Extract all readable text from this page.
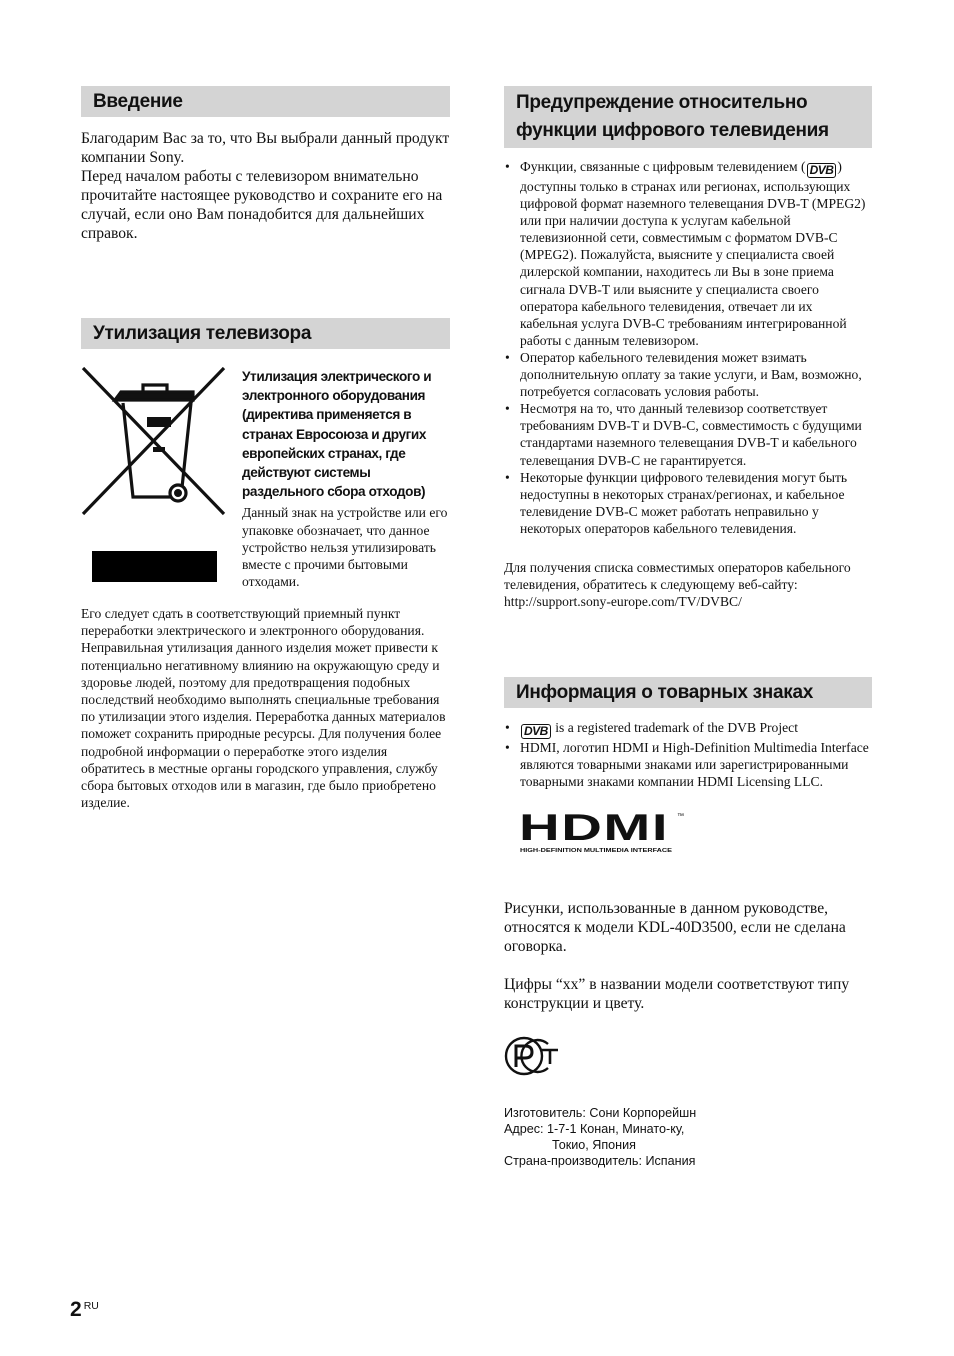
Введение

Благодарим Вас за то, что Вы выбрали данный продукт компании Sony.

Перед началом работы с телевизором внимательно прочитайте настоящее руководство и сохраните его на случай, если оно Вам понадобится для дальнейших справок.

Утилизация телевизора
Утилизация электрического и электронного оборудования (директива применяется в странах Евросоюза и других европейских странах, где действуют системы раздельного сбора отходов)
Данный знак на устройстве или его упаковке обозначает, что данное устройство нельзя утилизировать вместе с прочими бытовыми отходами.
Его следует сдать в соответствующий приемный пункт переработки электрического и электронного оборудования. Неправильная утилизация данного изделия может привести к потенциально негативному влиянию на окружающую среду и здоровье людей, поэтому для предотвращения подобных последствий необходимо выполнять специальные требования по утилизации этого изделия. Переработка данных материалов поможет сохранить природные ресурсы. Для получения более подробной информации о переработке этого изделия обратитесь в местные органы городского управления, службу сбора бытовых отходов или в магазин, где было приобретено изделие.
Предупреждение относительно функции цифрового телевидения
• Функции, связанные с цифровым телевидением ( DVB ) доступны только в странах или регионах, использующих цифровой формат наземного телевещания DVB-T (MPEG2) или при наличии доступа к услугам кабельной телевизионной сети, совместимым с форматом DVB-C (MPEG2). Пожалуйста, выясните у специалиста своей дилерской компании, находитесь ли Вы в зоне приема сигнала DVB-T или выясните у специалиста своего оператора кабельного телевидения, отвечает ли их кабельная услуга DVB-C требованиям интегрированной работы с данным телевизором.
• Оператор кабельного телевидения может взимать дополнительную оплату за такие услуги, и Вам, возможно, потребуется согласовать условия работы.
• Несмотря на то, что данный телевизор соответствует требованиям DVB-T и DVB-C, совместимость с будущими стандартами наземного телевещания DVB-T и кабельного телевещания DVB-C не гарантируется.
• Некоторые функции цифрового телевидения могут быть недоступны в некоторых странах/регионах, и кабельное телевидение DVB-C может работать неправильно у некоторых операторов кабельного телевидения.

Для получения списка совместимых операторов кабельного телевидения, обратитесь к следующему веб-сайту:

http://support.sony-europe.com/TV/DVBC/

Информация о товарных знаках
• DVB is a registered trademark of the DVB Project
• HDMI, логотип HDMI и High-Definition Multimedia Interface являются товарными знаками или зарегистрированными товарными знаками компании HDMI Licensing LLC.
HDMI ™
HIGH-DEFINITION MULTIMEDIA INTERFACE

Рисунки, использованные в данном руководстве, относятся к модели KDL-40D3500, если не сделана оговорка.

Цифры “xx” в названии модели соответствуют типу конструкции и цвету.

Изготовитель: Сони Корпорейшн
Адрес: 1-7-1 Конан, Минато-ку,
Токио, Япония
Страна-производитель: Испания
2 $^{RU}$
